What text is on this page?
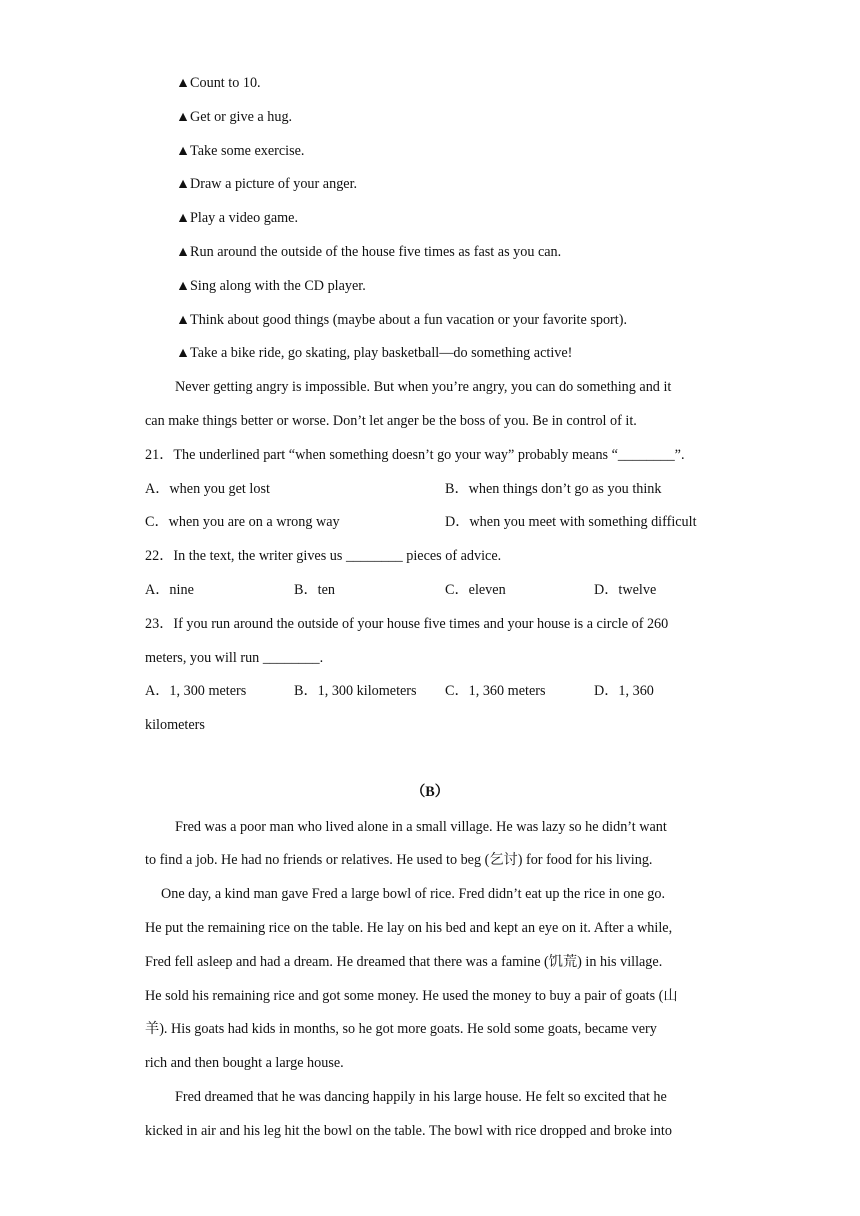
▲Count to 10.
▲Get or give a hug.
▲Take some exercise.
▲Draw a picture of your anger.
▲Play a video game.
▲Run around the outside of the house five times as fast as you can.
▲Sing along with the CD player.
▲Think about good things (maybe about a fun vacation or your favorite sport).
▲Take a bike ride, go skating, play basketball—do something active!
Never getting angry is impossible. But when you’re angry, you can do something and it
can make things better or worse. Don’t let anger be the boss of you. Be in control of it.
21．The underlined part “when something doesn’t go your way” probably means “________”.
A．when you get lost	B．when things don’t go as you think
C．when you are on a wrong way	D．when you meet with something difficult
22．In the text, the writer gives us ________ pieces of advice.
A．nine	B．ten	C．eleven	D．twelve
23．If you run around the outside of your house five times and your house is a circle of 260
meters, you will run ________.
A．1, 300 meters	B．1, 300 kilometers C．1, 360 meters	D．1, 360
kilometers
（B）
Fred was a poor man who lived alone in a small village. He was lazy so he didn’t want
to find a job. He had no friends or relatives. He used to beg (乞讨) for food for his living.
One day, a kind man gave Fred a large bowl of rice. Fred didn’t eat up the rice in one go.
He put the remaining rice on the table. He lay on his bed and kept an eye on it. After a while,
Fred fell asleep and had a dream. He dreamed that there was a famine (饥荒) in his village.
He sold his remaining rice and got some money. He used the money to buy a pair of goats (山
羊). His goats had kids in months, so he got more goats. He sold some goats, became very
rich and then bought a large house.
Fred dreamed that he was dancing happily in his large house. He felt so excited that he
kicked in air and his leg hit the bowl on the table. The bowl with rice dropped and broke into
